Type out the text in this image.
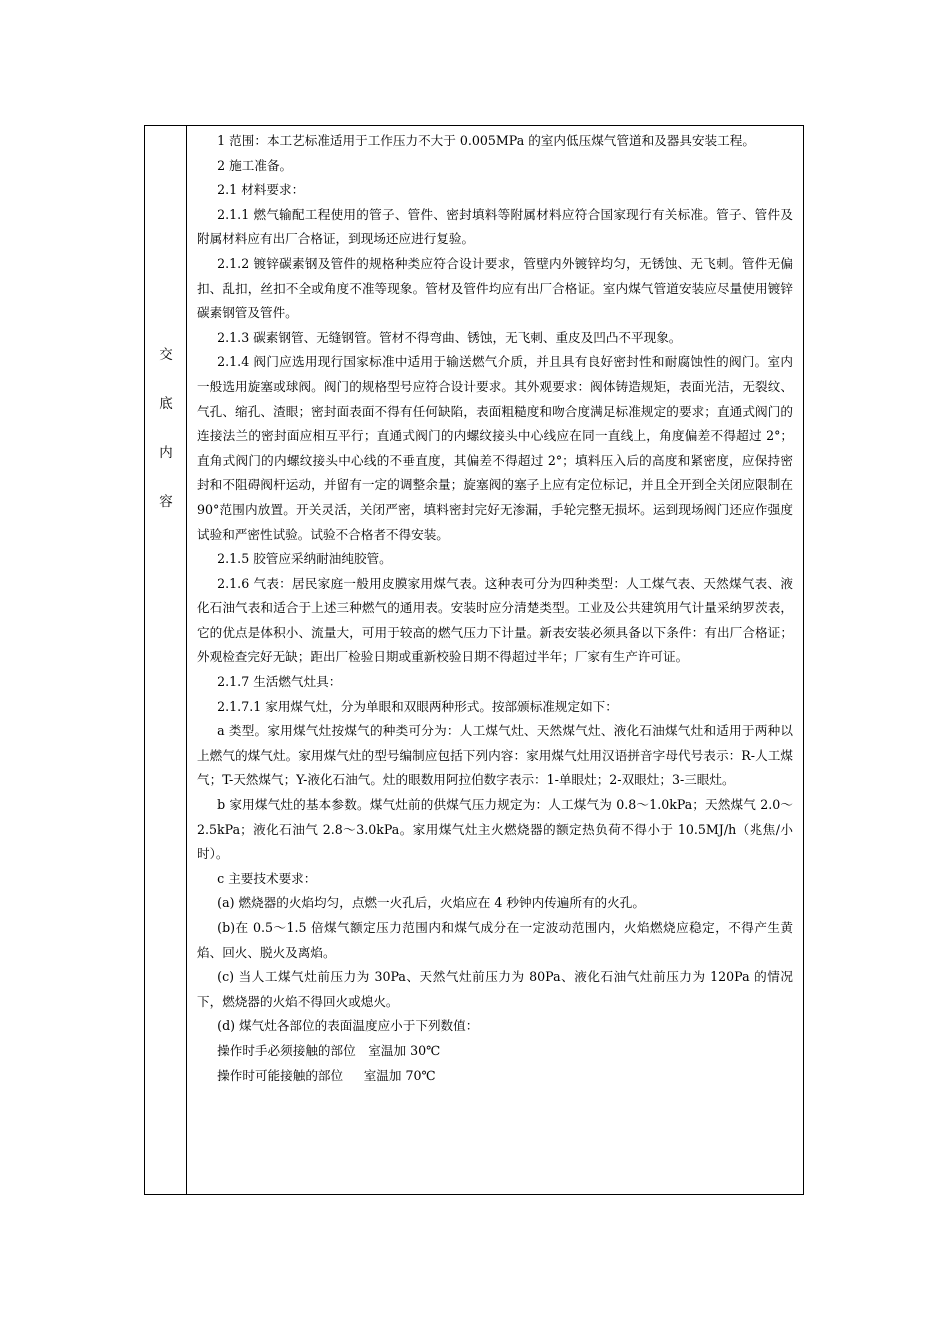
交
底
内
容

1 范围：本工艺标准适用于工作压力不大于 0.005MPa 的室内低压煤气管道和及器具安装工程。

2 施工准备。

2.1 材料要求：

2.1.1 燃气输配工程使用的管子、管件、密封填料等附属材料应符合国家现行有关标准。管子、管件及附属材料应有出厂合格证，到现场还应进行复验。

2.1.2 镀锌碳素钢及管件的规格种类应符合设计要求，管壁内外镀锌均匀，无锈蚀、无飞刺。管件无偏扣、乱扣，丝扣不全或角度不准等现象。管材及管件均应有出厂合格证。室内煤气管道安装应尽量使用镀锌碳素钢管及管件。

2.1.3 碳素钢管、无缝钢管。管材不得弯曲、锈蚀，无飞刺、重皮及凹凸不平现象。

2.1.4 阀门应选用现行国家标准中适用于输送燃气介质，并且具有良好密封性和耐腐蚀性的阀门。室内一般选用旋塞或球阀。阀门的规格型号应符合设计要求。其外观要求：阀体铸造规矩，表面光洁，无裂纹、气孔、缩孔、渣眼；密封面表面不得有任何缺陷，表面粗糙度和吻合度满足标准规定的要求；直通式阀门的连接法兰的密封面应相互平行；直通式阀门的内螺纹接头中心线应在同一直线上，角度偏差不得超过 2°；直角式阀门的内螺纹接头中心线的不垂直度，其偏差不得超过 2°；填料压入后的高度和紧密度，应保持密封和不阻碍阀杆运动，并留有一定的调整余量；旋塞阀的塞子上应有定位标记，并且全开到全关闭应限制在 90°范围内放置。开关灵活，关闭严密，填料密封完好无渗漏，手轮完整无损坏。运到现场阀门还应作强度试验和严密性试验。试验不合格者不得安装。

2.1.5 胶管应采纳耐油纯胶管。

2.1.6 气表：居民家庭一般用皮膜家用煤气表。这种表可分为四种类型：人工煤气表、天然煤气表、液化石油气表和适合于上述三种燃气的通用表。安装时应分清楚类型。工业及公共建筑用气计量采纳罗茨表，它的优点是体积小、流量大，可用于较高的燃气压力下计量。新表安装必须具备以下条件：有出厂合格证；外观检查完好无缺；距出厂检验日期或重新校验日期不得超过半年；厂家有生产许可证。

2.1.7 生活燃气灶具：

2.1.7.1 家用煤气灶，分为单眼和双眼两种形式。按部颁标准规定如下：

a 类型。家用煤气灶按煤气的种类可分为：人工煤气灶、天然煤气灶、液化石油煤气灶和适用于两种以上燃气的煤气灶。家用煤气灶的型号编制应包括下列内容：家用煤气灶用汉语拼音字母代号表示：R-人工煤气；T-天然煤气；Y-液化石油气。灶的眼数用阿拉伯数字表示：1-单眼灶；2-双眼灶；3-三眼灶。

b 家用煤气灶的基本参数。煤气灶前的供煤气压力规定为：人工煤气为 0.8～1.0kPa；天然煤气 2.0～2.5kPa；液化石油气 2.8～3.0kPa。家用煤气灶主火燃烧器的额定热负荷不得小于 10.5MJ/h（兆焦/小时）。

c 主要技术要求：

(a) 燃烧器的火焰均匀，点燃一火孔后，火焰应在 4 秒钟内传遍所有的火孔。

(b)在 0.5～1.5 倍煤气额定压力范围内和煤气成分在一定波动范围内，火焰燃烧应稳定，不得产生黄焰、回火、脱火及离焰。

(c) 当人工煤气灶前压力为 30Pa、天然气灶前压力为 80Pa、液化石油气灶前压力为 120Pa 的情况下，燃烧器的火焰不得回火或熄火。

(d) 煤气灶各部位的表面温度应小于下列数值：

操作时手必须接触的部位　室温加 30℃

操作时可能接触的部位　  室温加 70℃
